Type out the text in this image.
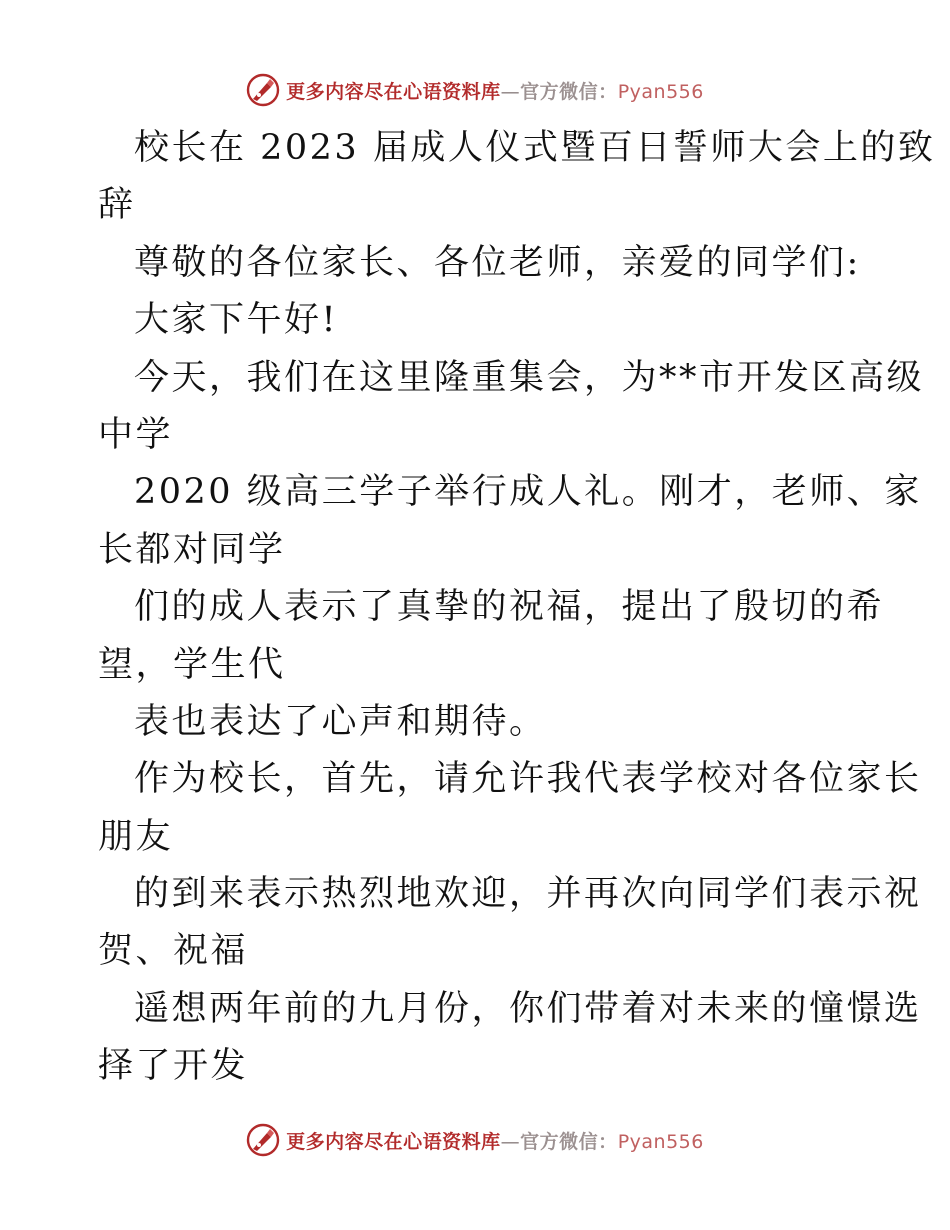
更多内容尽在心语资料库—官方微信：Pyan556
校长在 2023 届成人仪式暨百日誓师大会上的致
辞
尊敬的各位家长、各位老师，亲爱的同学们:
大家下午好!
今天，我们在这里隆重集会，为**市开发区高级
中学
2020 级高三学子举行成人礼。刚才，老师、家
长都对同学
们的成人表示了真挚的祝福，提出了殷切的希
望，学生代
表也表达了心声和期待。
作为校长，首先，请允许我代表学校对各位家长
朋友
的到来表示热烈地欢迎，并再次向同学们表示祝
贺、祝福
遥想两年前的九月份，你们带着对未来的憧憬选
择了开发
更多内容尽在心语资料库—官方微信：Pyan556
